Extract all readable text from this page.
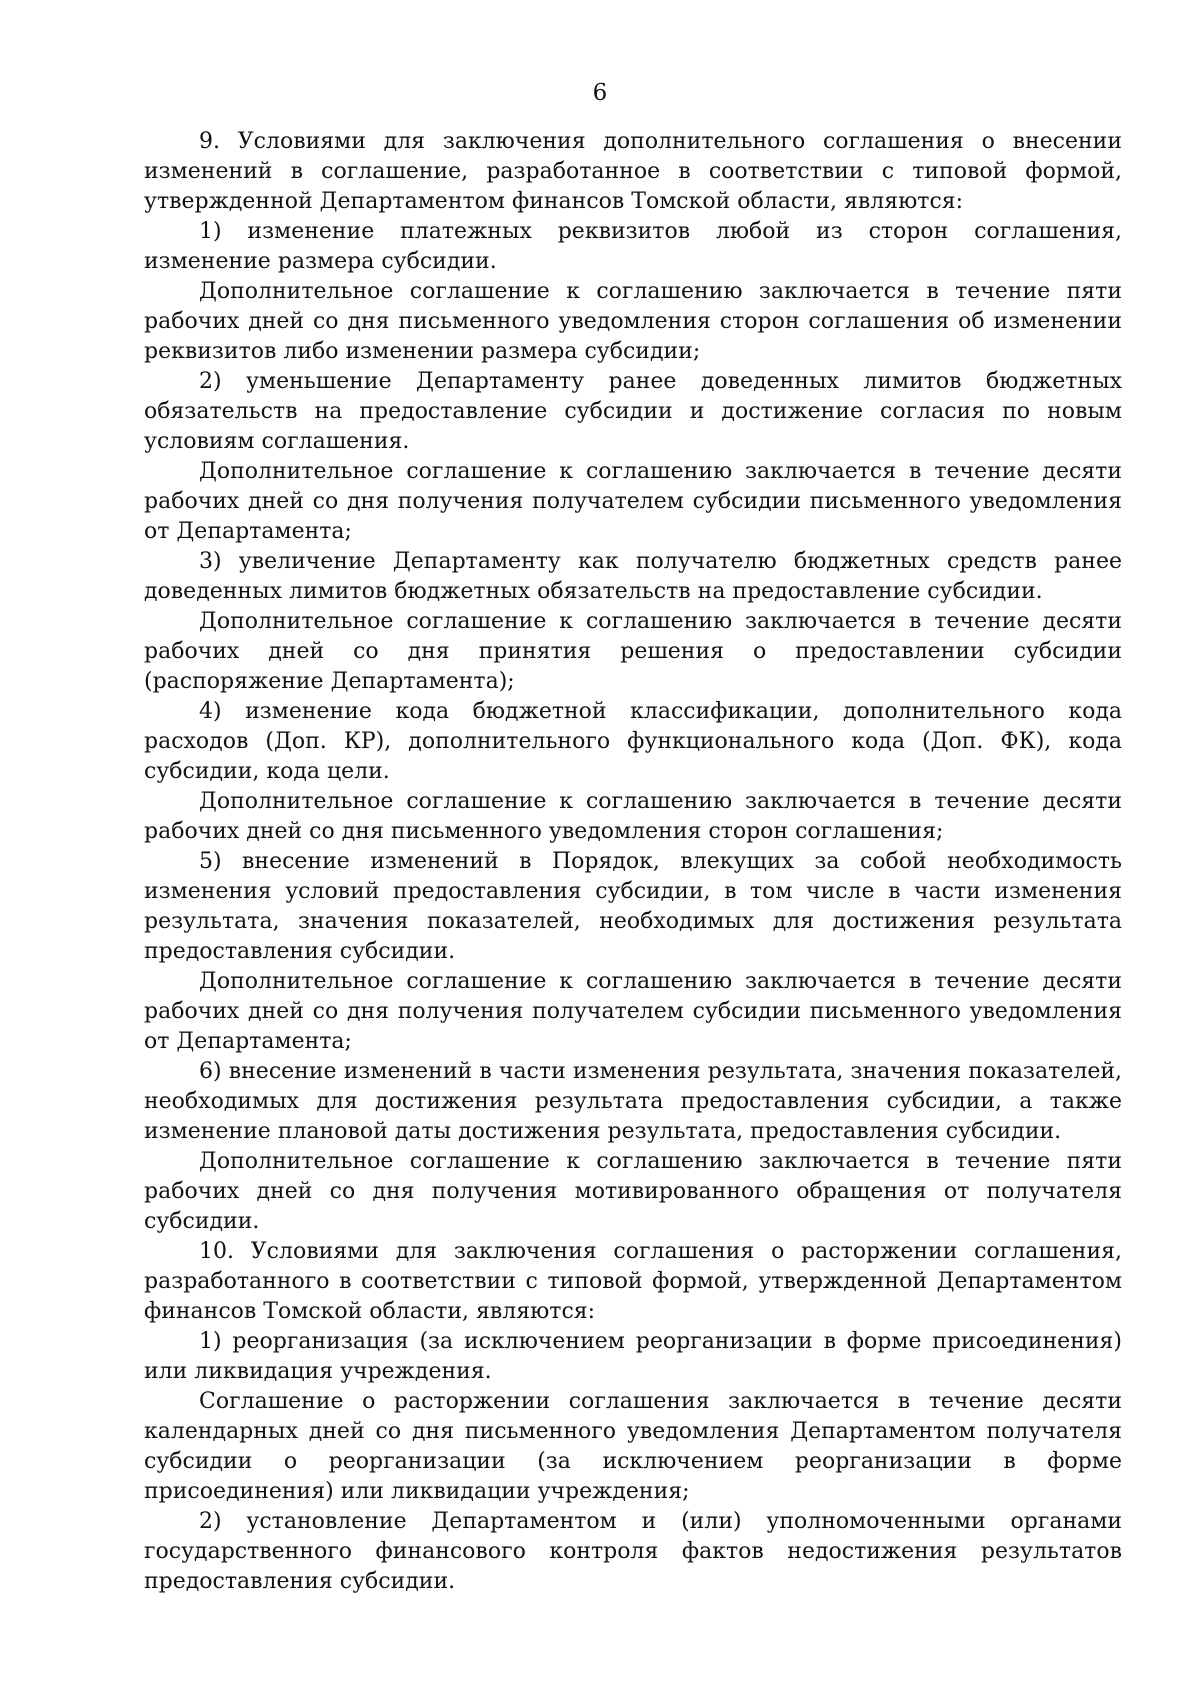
6

9. Условиями для заключения дополнительного соглашения о внесении изменений в соглашение, разработанное в соответствии с типовой формой, утвержденной Департаментом финансов Томской области, являются:

1) изменение платежных реквизитов любой из сторон соглашения, изменение размера субсидии.

Дополнительное соглашение к соглашению заключается в течение пяти рабочих дней со дня письменного уведомления сторон соглашения об изменении реквизитов либо изменении размера субсидии;

2) уменьшение Департаменту ранее доведенных лимитов бюджетных обязательств на предоставление субсидии и достижение согласия по новым условиям соглашения.

Дополнительное соглашение к соглашению заключается в течение десяти рабочих дней со дня получения получателем субсидии письменного уведомления от Департамента;

3) увеличение Департаменту как получателю бюджетных средств ранее доведенных лимитов бюджетных обязательств на предоставление субсидии.

Дополнительное соглашение к соглашению заключается в течение десяти рабочих дней со дня принятия решения о предоставлении субсидии (распоряжение Департамента);

4) изменение кода бюджетной классификации, дополнительного кода расходов (Доп. КР), дополнительного функционального кода (Доп. ФК), кода субсидии, кода цели.

Дополнительное соглашение к соглашению заключается в течение десяти рабочих дней со дня письменного уведомления сторон соглашения;

5) внесение изменений в Порядок, влекущих за собой необходимость изменения условий предоставления субсидии, в том числе в части изменения результата, значения показателей, необходимых для достижения результата предоставления субсидии.

Дополнительное соглашение к соглашению заключается в течение десяти рабочих дней со дня получения получателем субсидии письменного уведомления от Департамента;

6) внесение изменений в части изменения результата, значения показателей, необходимых для достижения результата предоставления субсидии, а также изменение плановой даты достижения результата, предоставления субсидии.

Дополнительное соглашение к соглашению заключается в течение пяти рабочих дней со дня получения мотивированного обращения от получателя субсидии.

10. Условиями для заключения соглашения о расторжении соглашения, разработанного в соответствии с типовой формой, утвержденной Департаментом финансов Томской области, являются:

1) реорганизация (за исключением реорганизации в форме присоединения) или ликвидация учреждения.

Соглашение о расторжении соглашения заключается в течение десяти календарных дней со дня письменного уведомления Департаментом получателя субсидии о реорганизации (за исключением реорганизации в форме присоединения) или ликвидации учреждения;

2) установление Департаментом и (или) уполномоченными органами государственного финансового контроля фактов недостижения результатов предоставления субсидии.
